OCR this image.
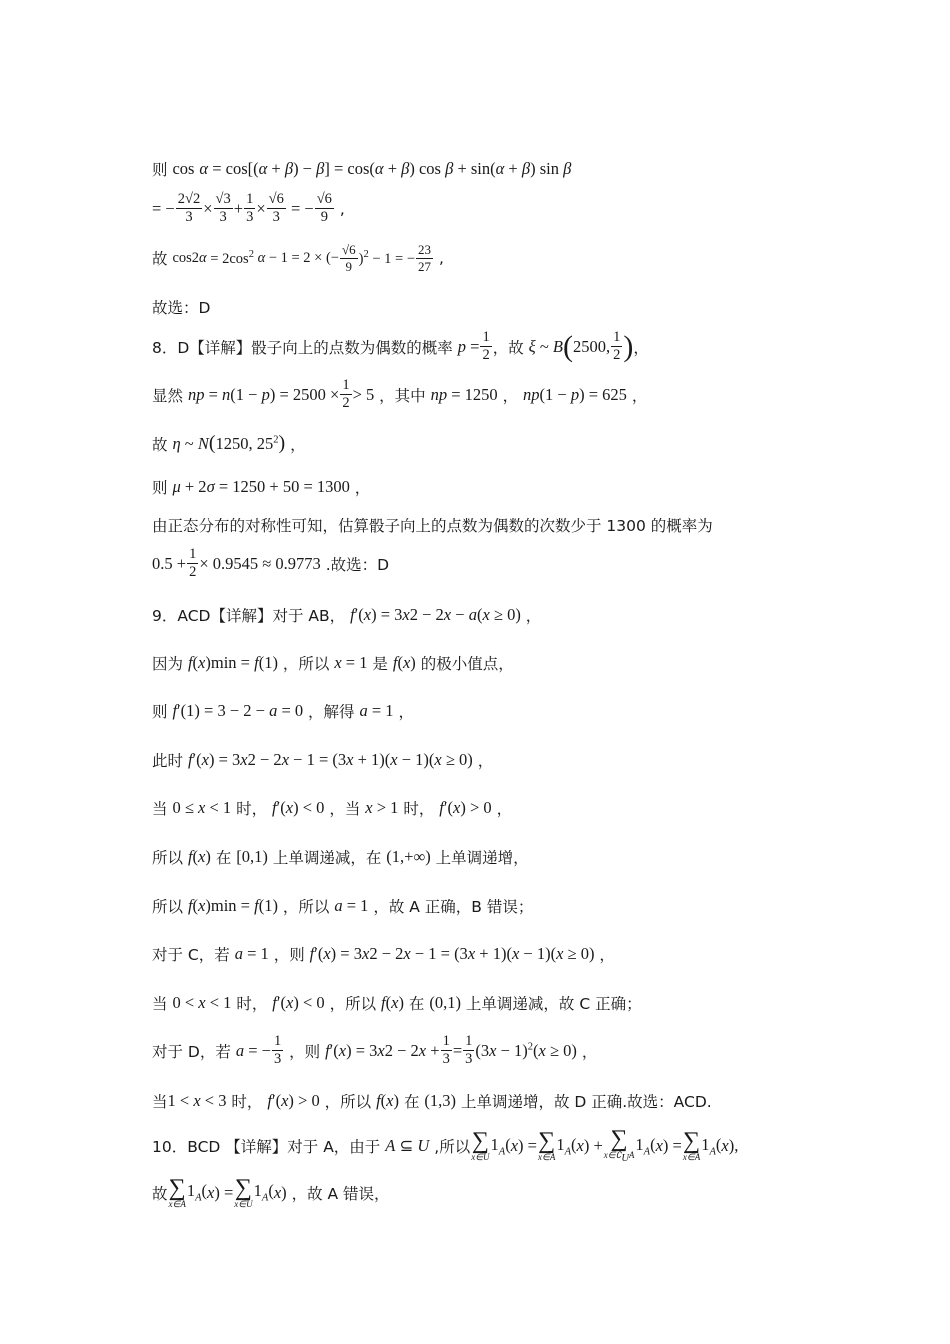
则
cos
α = cos[( α + β ) − β ] = cos( α + β ) cos β + sin( α + β ) sin β
= − $\frac{2√2}{3} \times \frac{√3}{3} + \frac{1}{3} \times \frac{√6}{3}$ = − $\frac{√6}{9}$ ,
故
cos2 $\alpha = 2\cos^2$ α − 1 = 2 × (− $\frac{√6}{9} )^2 - 1$ = − $\frac{23}{27}$ ,
故选：D
8．D【详解】骰子向上的点数为偶数的概率
$p = \frac{1}{2}$ ，故
ξ ~ B ( 2500, $\frac{1}{2}$ ) ，
显然
np = n (1 − p ) = $2500 \times \frac{1}{2} > 5$ ，其中
np = 1250 ， np (1 − p ) = 625 ，
故
η ~ N ( 1250, $25^2$ ) ，
则
μ + 2 σ = 1250 + 50 = 1300 ，
由正态分布的对称性可知，估算骰子向上的点数为偶数的次数少于 1300 的概率为
$0.5 + \frac{1}{2} \times 0.9545 \approx 0.9773$ .故选：D
9．ACD【详解】对于 AB，
f ′( x ) = 3 x 2 − 2 x − a ( x ≥ 0) ，
因为
f ( x ) min = f (1) ，所以
x = 1 是
f ( x )
的极小值点，
则
f ′(1) = 3 − 2 − a = 0 ，解得
a = 1 ，
此时
f ′( x ) = 3 x 2 − 2 x − 1 = (3 x + 1)( x − 1)( x ≥ 0) ，
当
0 ≤ x < 1
时，
f ′( x ) < 0 ，当
x > 1
时，
f ′( x ) > 0 ，
所以
f ( x )
在
[0,1)
上单调递减，在
(1,+∞)
上单调递增，
所以
f ( x ) min = f (1) ，所以
a = 1 ，故 A 正确，B 错误；
对于 C，若
a = 1 ，则
f ′( x ) = 3 x 2 − 2 x − 1 = (3 x + 1)( x − 1)( x ≥ 0) ，
当
0 < x < 1
时，
f ′( x ) < 0 ，所以
f ( x )
在
(0,1)
上单调递减，故 C 正确；
对于 D，若
a = − $\frac{1}{3}$ ，则
f ′( x ) = 3 x 2 − 2 $x + \frac{1}{3} = \frac{1}{3} (3$ x − 1)$^2$( x ≥ 0) ，
当 1 < x < 3
时，
f ′( x ) > 0 ，所以
f ( x )
在
(1,3)
上单调递增，故 D 正确.故选：ACD.
10．BCD 【详解】对于 A，由于
A ⊆ U ,所以 ∑
x∈U
$1_A$( x ) = ∑
x∈A
$1_A$( x ) + ∑
$x\in∁_UA$
$1_A$( x ) = ∑
x∈A
$1_A$( x ),
故 ∑
x∈A
$1_A$( x ) = ∑
x∈U
$1_A$( x ) ，故 A 错误，
